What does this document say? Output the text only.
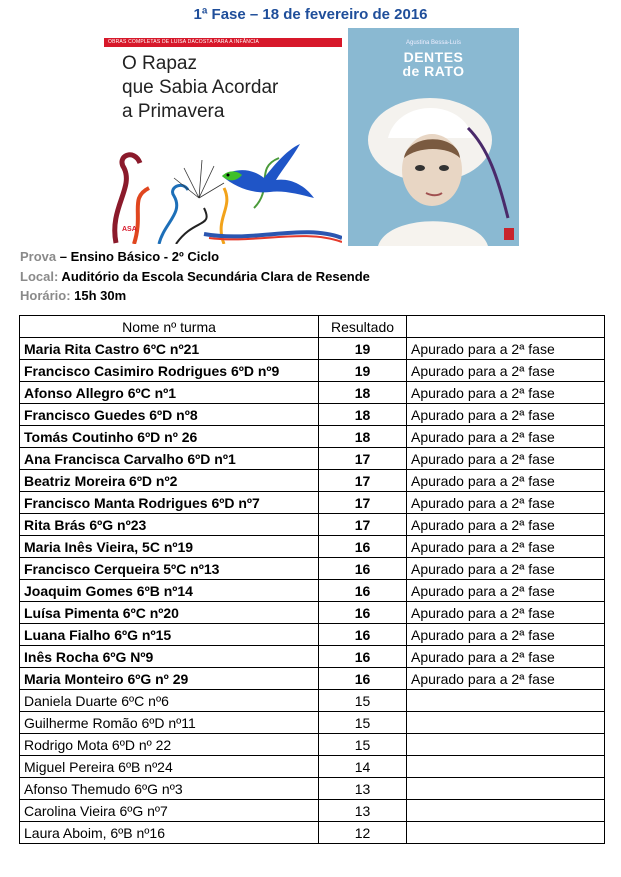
1ª Fase – 18 de fevereiro de 2016
OBRAS COMPLETAS DE LUISA DACOSTA PARA A INFÂNCIA
O Rapaz
que Sabia Acordar
a Primavera
ASA
Agustina Bessa-Luís
DENTES
de RATO
Prova – Ensino Básico - 2º Ciclo
Local: Auditório da Escola Secundária Clara de Resende
Horário: 15h 30m
Nome nº turma	Resultado	
Maria Rita Castro 6ºC nº21	19	Apurado para a 2ª fase
Francisco Casimiro Rodrigues 6ºD nº9	19	Apurado para a 2ª fase
Afonso Allegro 6ºC nº1	18	Apurado para a 2ª fase
Francisco Guedes 6ºD nº8	18	Apurado para a 2ª fase
Tomás Coutinho 6ºD nº 26	18	Apurado para a 2ª fase
Ana Francisca Carvalho 6ºD nº1	17	Apurado para a 2ª fase
Beatriz Moreira 6ºD nº2	17	Apurado para a 2ª fase
Francisco Manta Rodrigues 6ºD nº7	17	Apurado para a 2ª fase
Rita Brás 6ºG nº23	17	Apurado para a 2ª fase
Maria Inês Vieira, 5C nº19	16	Apurado para a 2ª fase
Francisco Cerqueira 5ºC nº13	16	Apurado para a 2ª fase
Joaquim Gomes 6ºB nº14	16	Apurado para a 2ª fase
Luísa Pimenta 6ºC nº20	16	Apurado para a 2ª fase
Luana Fialho 6ºG nº15	16	Apurado para a 2ª fase
Inês Rocha 6ºG Nº9	16	Apurado para a 2ª fase
Maria Monteiro 6ºG nº 29	16	Apurado para a 2ª fase
Daniela Duarte 6ºC nº6	15	
Guilherme Romão 6ºD nº11	15	
Rodrigo Mota 6ºD nº 22	15	
Miguel Pereira 6ºB nº24	14	
Afonso Themudo 6ºG nº3	13	
Carolina Vieira 6ºG nº7	13	
Laura Aboim, 6ºB nº16	12	
